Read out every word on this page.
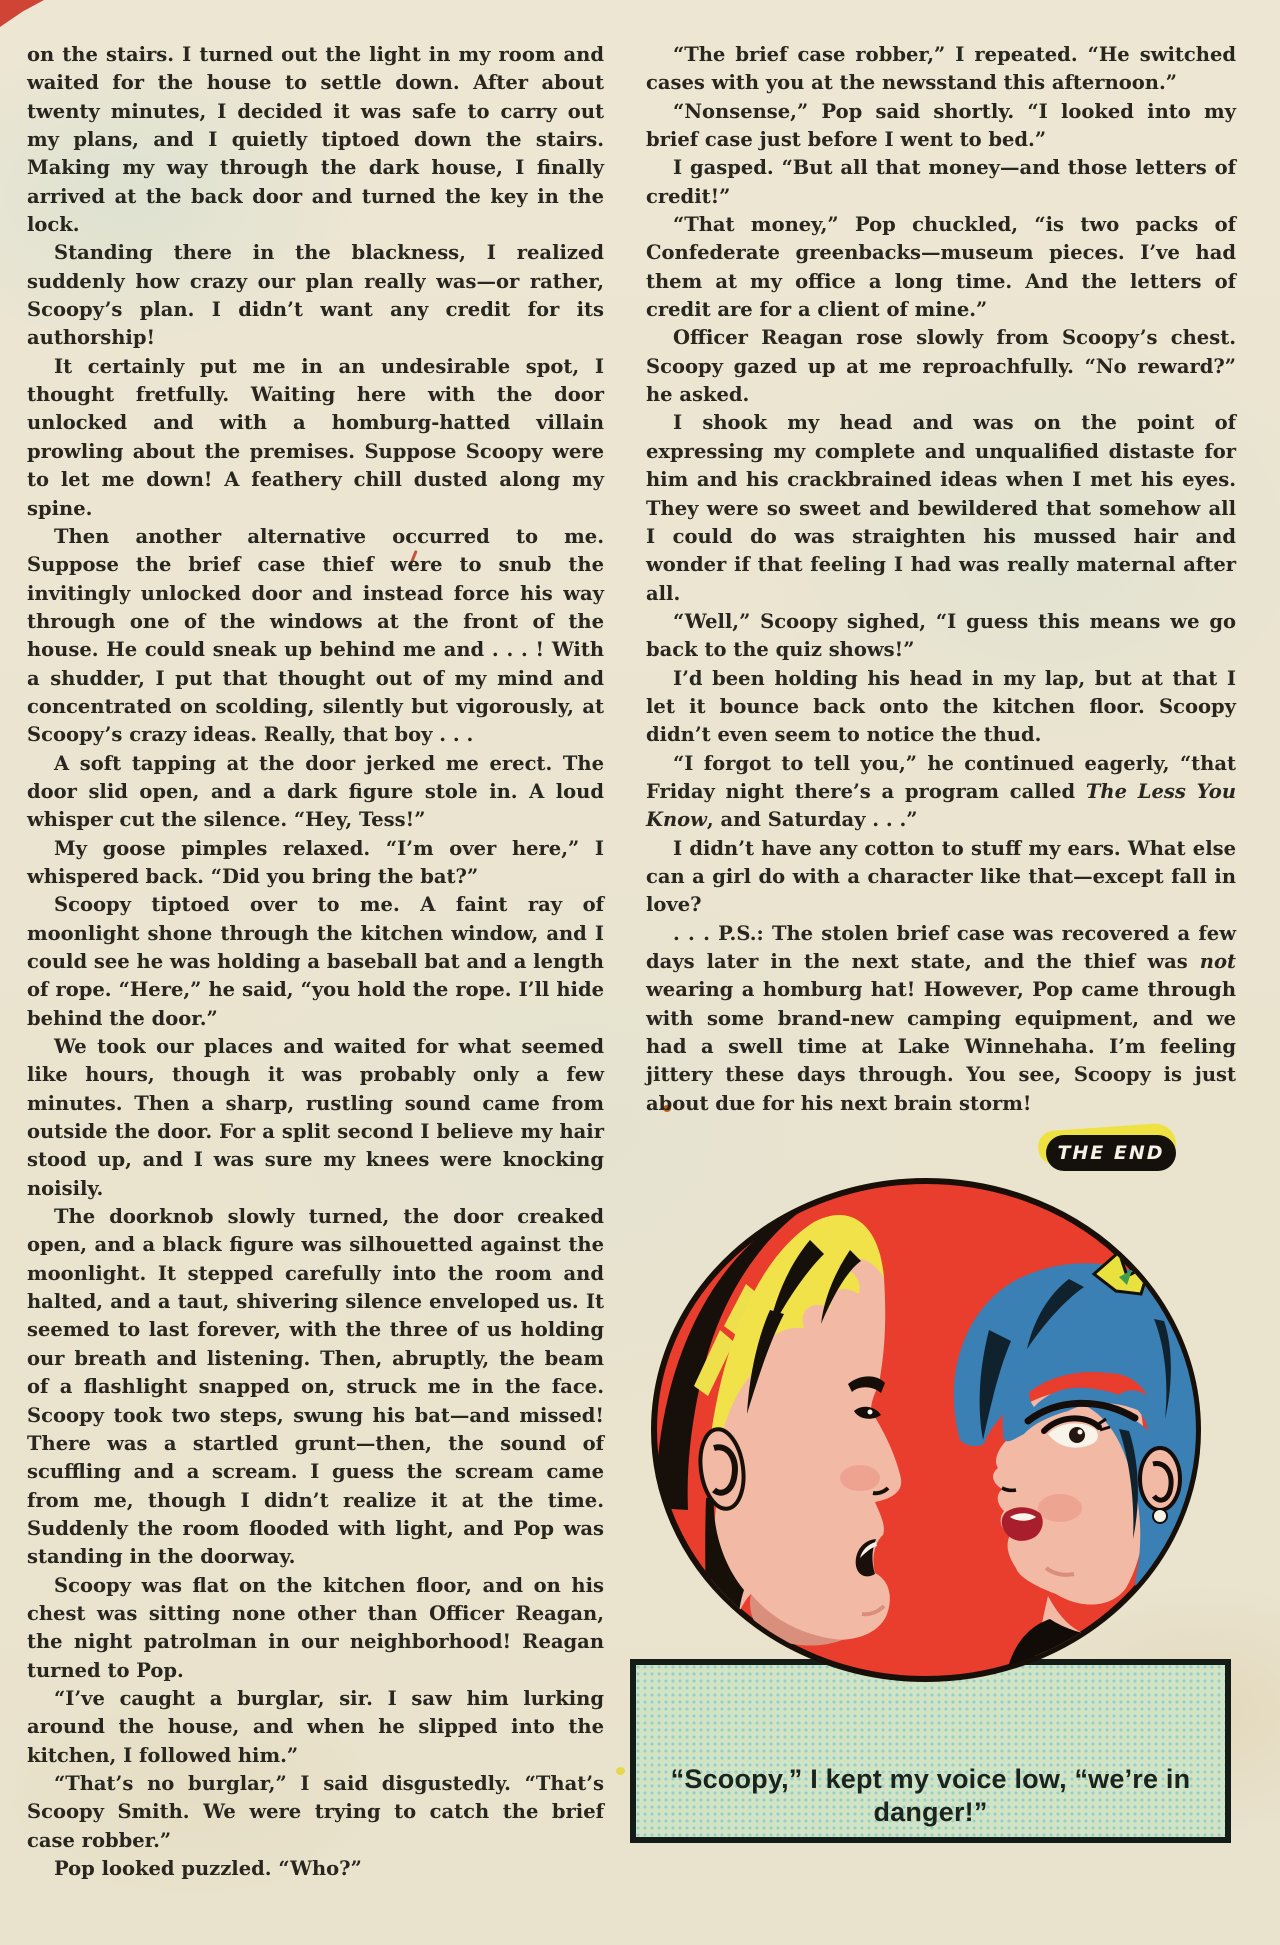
on the stairs. I turned out the light in my room and waited for the house to settle down. After about twenty minutes, I decided it was safe to carry out my plans, and I quietly tiptoed down the stairs. Making my way through the dark house, I finally arrived at the back door and turned the key in the lock.

Standing there in the blackness, I realized suddenly how crazy our plan really was—or rather, Scoopy’s plan. I didn’t want any credit for its authorship!

It certainly put me in an undesirable spot, I thought fretfully. Waiting here with the door unlocked and with a homburg-hatted villain prowling about the premises. Suppose Scoopy were to let me down! A feathery chill dusted along my spine.

Then another alternative occurred to me. Suppose the brief case thief were to snub the invitingly unlocked door and instead force his way through one of the windows at the front of the house. He could sneak up behind me and . . . ! With a shudder, I put that thought out of my mind and concentrated on scolding, silently but vigorously, at Scoopy’s crazy ideas. Really, that boy . . .

A soft tapping at the door jerked me erect. The door slid open, and a dark figure stole in. A loud whisper cut the silence. “Hey, Tess!”

My goose pimples relaxed. “I’m over here,” I whispered back. “Did you bring the bat?”

Scoopy tiptoed over to me. A faint ray of moonlight shone through the kitchen window, and I could see he was holding a baseball bat and a length of rope. “Here,” he said, “you hold the rope. I’ll hide behind the door.”

We took our places and waited for what seemed like hours, though it was probably only a few minutes. Then a sharp, rustling sound came from outside the door. For a split second I believe my hair stood up, and I was sure my knees were knocking noisily.

The doorknob slowly turned, the door creaked open, and a black figure was silhouetted against the moonlight. It stepped carefully into the room and halted, and a taut, shivering silence enveloped us. It seemed to last forever, with the three of us holding our breath and listening. Then, abruptly, the beam of a flashlight snapped on, struck me in the face. Scoopy took two steps, swung his bat—and missed! There was a startled grunt—then, the sound of scuffling and a scream. I guess the scream came from me, though I didn’t realize it at the time. Suddenly the room flooded with light, and Pop was standing in the doorway.

Scoopy was flat on the kitchen floor, and on his chest was sitting none other than Officer Reagan, the night patrolman in our neighborhood! Reagan turned to Pop.

“I’ve caught a burglar, sir. I saw him lurking around the house, and when he slipped into the kitchen, I followed him.”

“That’s no burglar,” I said disgustedly. “That’s Scoopy Smith. We were trying to catch the brief case robber.”

Pop looked puzzled. “Who?”

“The brief case robber,” I repeated. “He switched cases with you at the newsstand this afternoon.”

“Nonsense,” Pop said shortly. “I looked into my brief case just before I went to bed.”

I gasped. “But all that money—and those letters of credit!”

“That money,” Pop chuckled, “is two packs of Confederate greenbacks—museum pieces. I’ve had them at my office a long time. And the letters of credit are for a client of mine.”

Officer Reagan rose slowly from Scoopy’s chest. Scoopy gazed up at me reproachfully. “No reward?” he asked.

I shook my head and was on the point of expressing my complete and unqualified distaste for him and his crackbrained ideas when I met his eyes. They were so sweet and bewildered that somehow all I could do was straighten his mussed hair and wonder if that feeling I had was really maternal after all.

“Well,” Scoopy sighed, “I guess this means we go back to the quiz shows!”

I’d been holding his head in my lap, but at that I let it bounce back onto the kitchen floor. Scoopy didn’t even seem to notice the thud.

“I forgot to tell you,” he continued eagerly, “that Friday night there’s a program called The Less You Know, and Saturday . . .”

I didn’t have any cotton to stuff my ears. What else can a girl do with a character like that—except fall in love?

. . . P.S.: The stolen brief case was recovered a few days later in the next state, and the thief was not wearing a homburg hat! However, Pop came through with some brand-new camping equipment, and we had a swell time at Lake Winnehaha. I’m feeling jittery these days through. You see, Scoopy is just about due for his next brain storm!

THE END
“Scoopy,” I kept my voice low, “we’re in
danger!”
